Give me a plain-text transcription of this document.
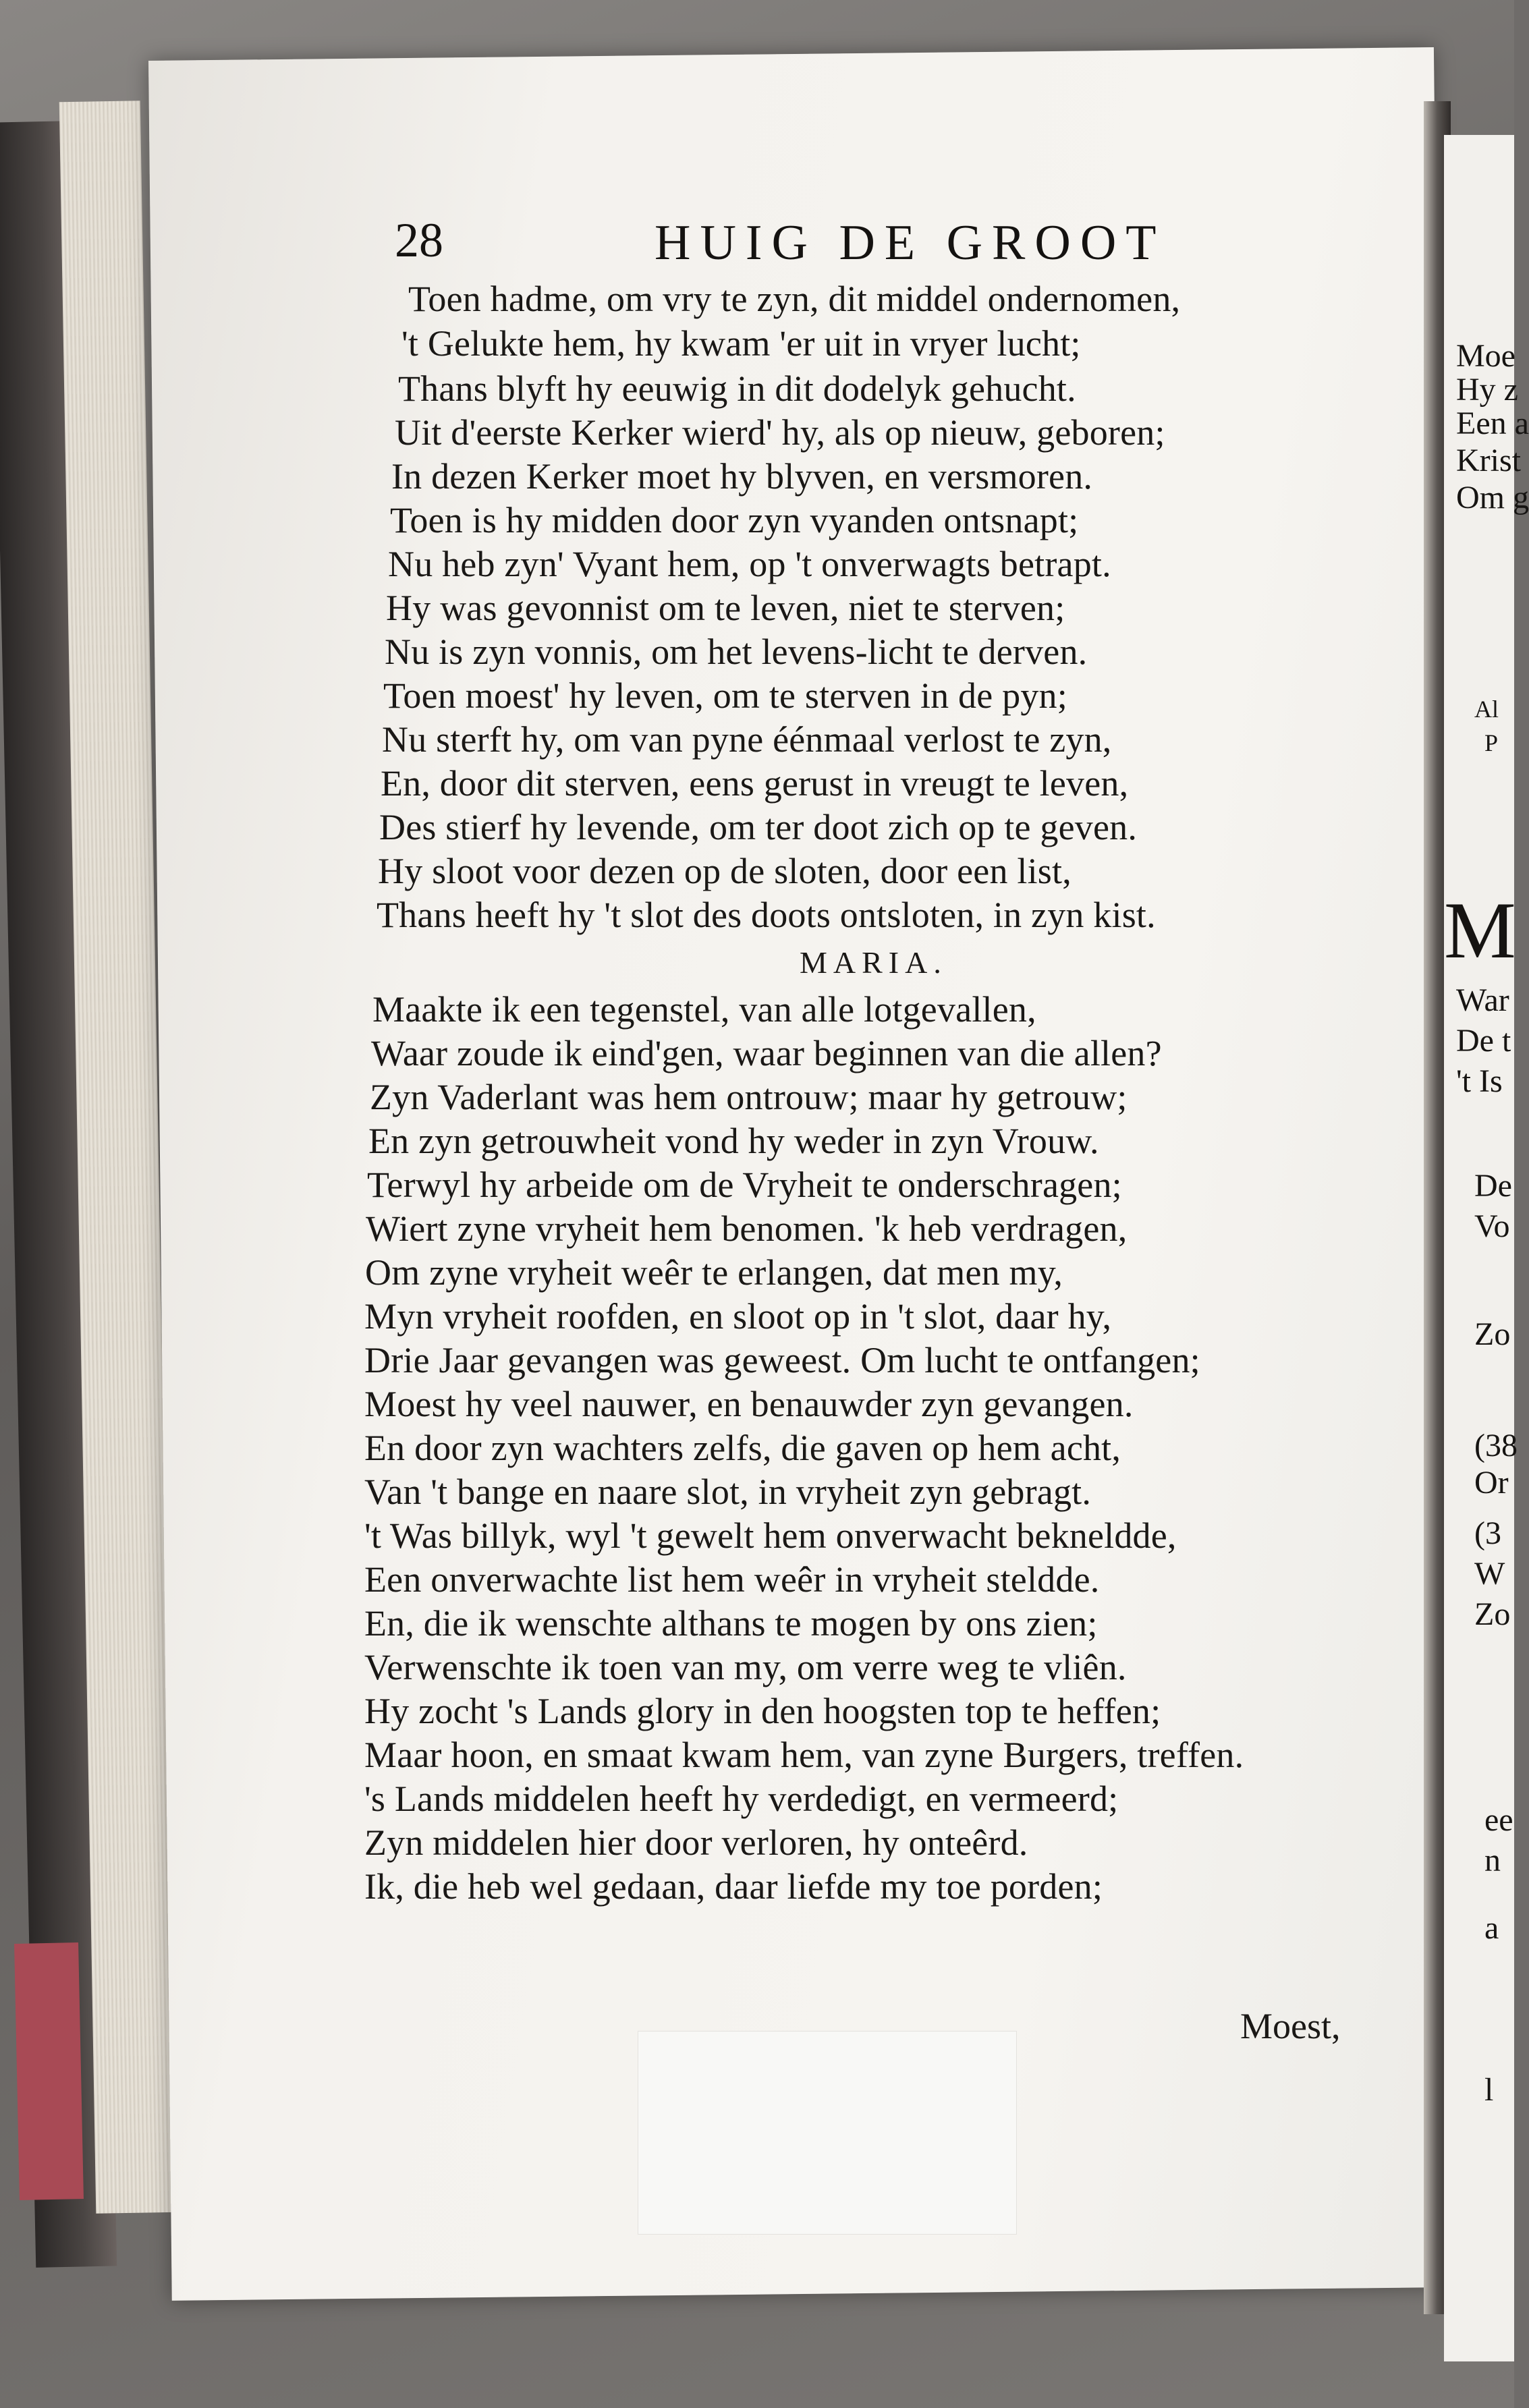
Moe
Hy z
Een a
Krist
Om g
Al
P
M
War
De t
't Is
De
Vo
Zo
(38
Or
(3
W
Zo
ee
n
a
l
28	HUIG DE GROOT
Toen hadme, om vry te zyn, dit middel ondernomen,
't Gelukte hem, hy kwam 'er uit in vryer lucht;
Thans blyft hy eeuwig in dit dodelyk gehucht.
Uit d'eerste Kerker wierd' hy, als op nieuw, geboren;
In dezen Kerker moet hy blyven, en versmoren.
Toen is hy midden door zyn vyanden ontsnapt;
Nu heb zyn' Vyant hem, op 't onverwagts betrapt.
Hy was gevonnist om te leven, niet te sterven;
Nu is zyn vonnis, om het levens-licht te derven.
Toen moest' hy leven, om te sterven in de pyn;
Nu sterft hy, om van pyne éénmaal verlost te zyn,
En, door dit sterven, eens gerust in vreugt te leven,
Des stierf hy levende, om ter doot zich op te geven.
Hy sloot voor dezen op de sloten, door een list,
Thans heeft hy 't slot des doots ontsloten, in zyn kist.
MARIA.
Maakte ik een tegenstel, van alle lotgevallen,
Waar zoude ik eind'gen, waar beginnen van die allen?
Zyn Vaderlant was hem ontrouw; maar hy getrouw;
En zyn getrouwheit vond hy weder in zyn Vrouw.
Terwyl hy arbeide om de Vryheit te onderschragen;
Wiert zyne vryheit hem benomen. 'k heb verdragen,
Om zyne vryheit weêr te erlangen, dat men my,
Myn vryheit roofden, en sloot op in 't slot, daar hy,
Drie Jaar gevangen was geweest. Om lucht te ontfangen;
Moest hy veel nauwer, en benauwder zyn gevangen.
En door zyn wachters zelfs, die gaven op hem acht,
Van 't bange en naare slot, in vryheit zyn gebragt.
't Was billyk, wyl 't gewelt hem onverwacht bekneldde,
Een onverwachte list hem weêr in vryheit steldde.
En, die ik wenschte althans te mogen by ons zien;
Verwenschte ik toen van my, om verre weg te vliên.
Hy zocht 's Lands glory in den hoogsten top te heffen;
Maar hoon, en smaat kwam hem, van zyne Burgers, treffen.
's Lands middelen heeft hy verdedigt, en vermeerd;
Zyn middelen hier door verloren, hy onteêrd.
Ik, die heb wel gedaan, daar liefde my toe porden;
Moest,
